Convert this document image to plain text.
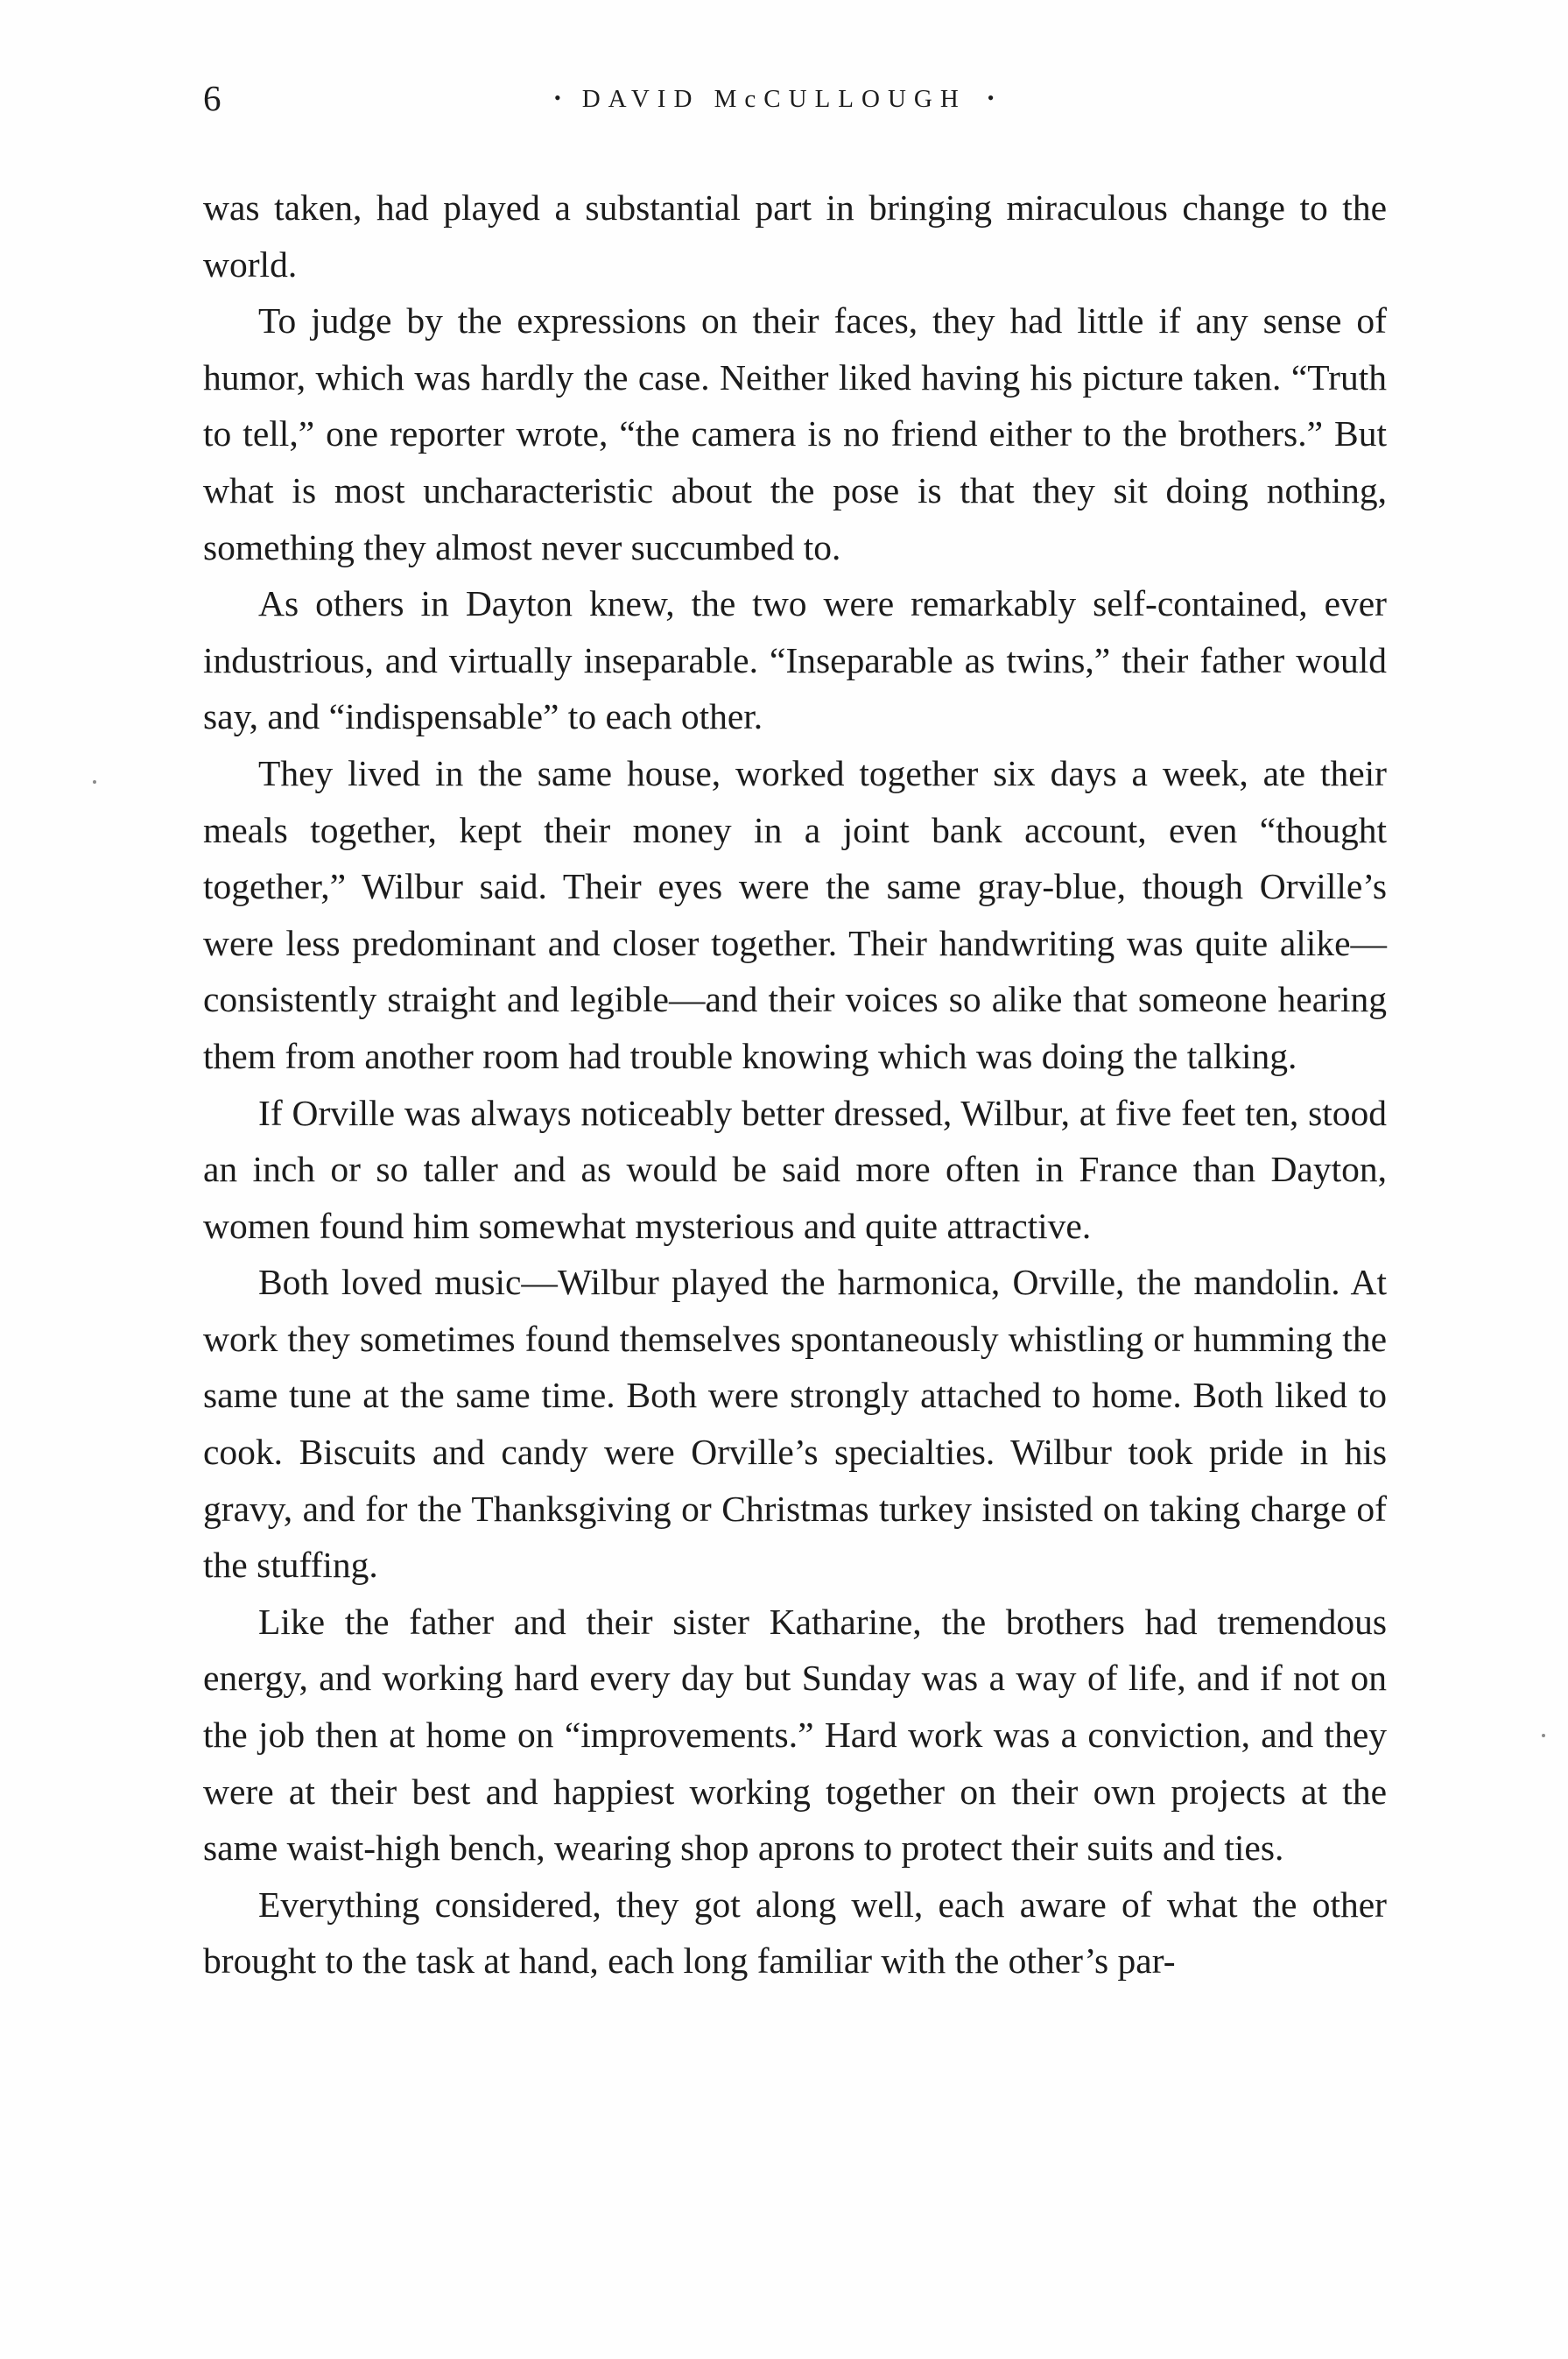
6	• DAVID McCULLOUGH •

was taken, had played a substantial part in bringing miraculous change to the world.

To judge by the expressions on their faces, they had little if any sense of humor, which was hardly the case. Neither liked having his picture taken. “Truth to tell,” one reporter wrote, “the camera is no friend either to the brothers.” But what is most uncharacteristic about the pose is that they sit doing nothing, something they almost never succumbed to.

As others in Dayton knew, the two were remarkably self-contained, ever industrious, and virtually inseparable. “Inseparable as twins,” their father would say, and “indispensable” to each other.

They lived in the same house, worked together six days a week, ate their meals together, kept their money in a joint bank account, even “thought together,” Wilbur said. Their eyes were the same gray-blue, though Orville’s were less predominant and closer together. Their handwriting was quite alike—consistently straight and legible—and their voices so alike that someone hearing them from another room had trouble knowing which was doing the talking.

If Orville was always noticeably better dressed, Wilbur, at five feet ten, stood an inch or so taller and as would be said more often in France than Dayton, women found him somewhat mysterious and quite attractive.

Both loved music—Wilbur played the harmonica, Orville, the mandolin. At work they sometimes found themselves spontaneously whistling or humming the same tune at the same time. Both were strongly attached to home. Both liked to cook. Biscuits and candy were Orville’s specialties. Wilbur took pride in his gravy, and for the Thanksgiving or Christmas turkey insisted on taking charge of the stuffing.

Like the father and their sister Katharine, the brothers had tremendous energy, and working hard every day but Sunday was a way of life, and if not on the job then at home on “improvements.” Hard work was a conviction, and they were at their best and happiest working together on their own projects at the same waist-high bench, wearing shop aprons to protect their suits and ties.

Everything considered, they got along well, each aware of what the other brought to the task at hand, each long familiar with the other’s par-
